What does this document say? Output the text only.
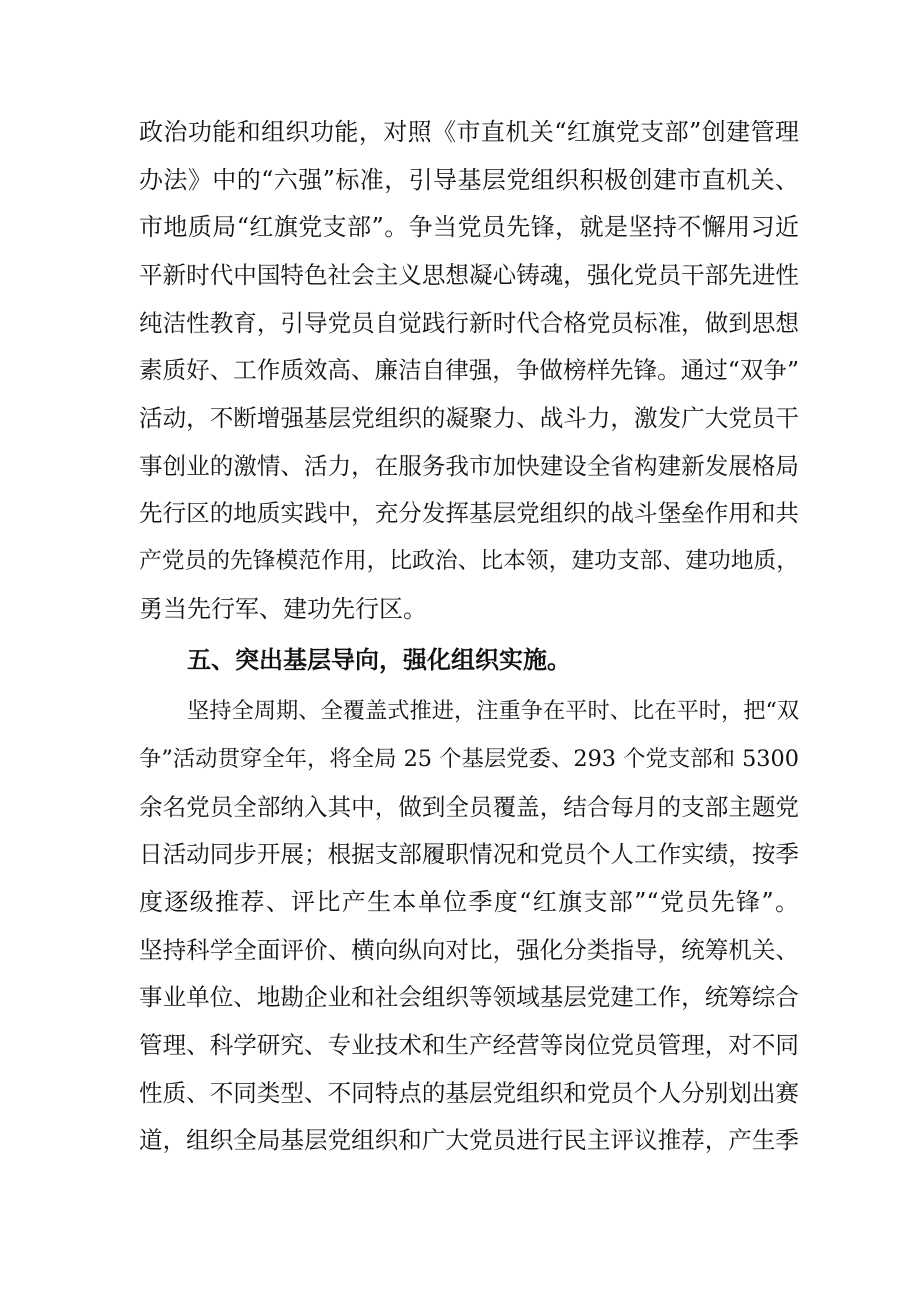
政治功能和组织功能，对照《市直机关“红旗党支部”创建管理

办法》中的“六强”标准，引导基层党组织积极创建市直机关、

市地质局“红旗党支部”。争当党员先锋，就是坚持不懈用习近

平新时代中国特色社会主义思想凝心铸魂，强化党员干部先进性

纯洁性教育，引导党员自觉践行新时代合格党员标准，做到思想

素质好、工作质效高、廉洁自律强，争做榜样先锋。通过“双争”

活动，不断增强基层党组织的凝聚力、战斗力，激发广大党员干

事创业的激情、活力，在服务我市加快建设全省构建新发展格局

先行区的地质实践中，充分发挥基层党组织的战斗堡垒作用和共

产党员的先锋模范作用，比政治、比本领，建功支部、建功地质，

勇当先行军、建功先行区。

五、突出基层导向，强化组织实施。

坚持全周期、全覆盖式推进，注重争在平时、比在平时，把“双

争”活动贯穿全年，将全局 25 个基层党委、293 个党支部和 5300

余名党员全部纳入其中，做到全员覆盖，结合每月的支部主题党

日活动同步开展；根据支部履职情况和党员个人工作实绩，按季

度逐级推荐、评比产生本单位季度“红旗支部”“党员先锋”。

坚持科学全面评价、横向纵向对比，强化分类指导，统筹机关、

事业单位、地勘企业和社会组织等领域基层党建工作，统筹综合

管理、科学研究、专业技术和生产经营等岗位党员管理，对不同

性质、不同类型、不同特点的基层党组织和党员个人分别划出赛

道，组织全局基层党组织和广大党员进行民主评议推荐，产生季
